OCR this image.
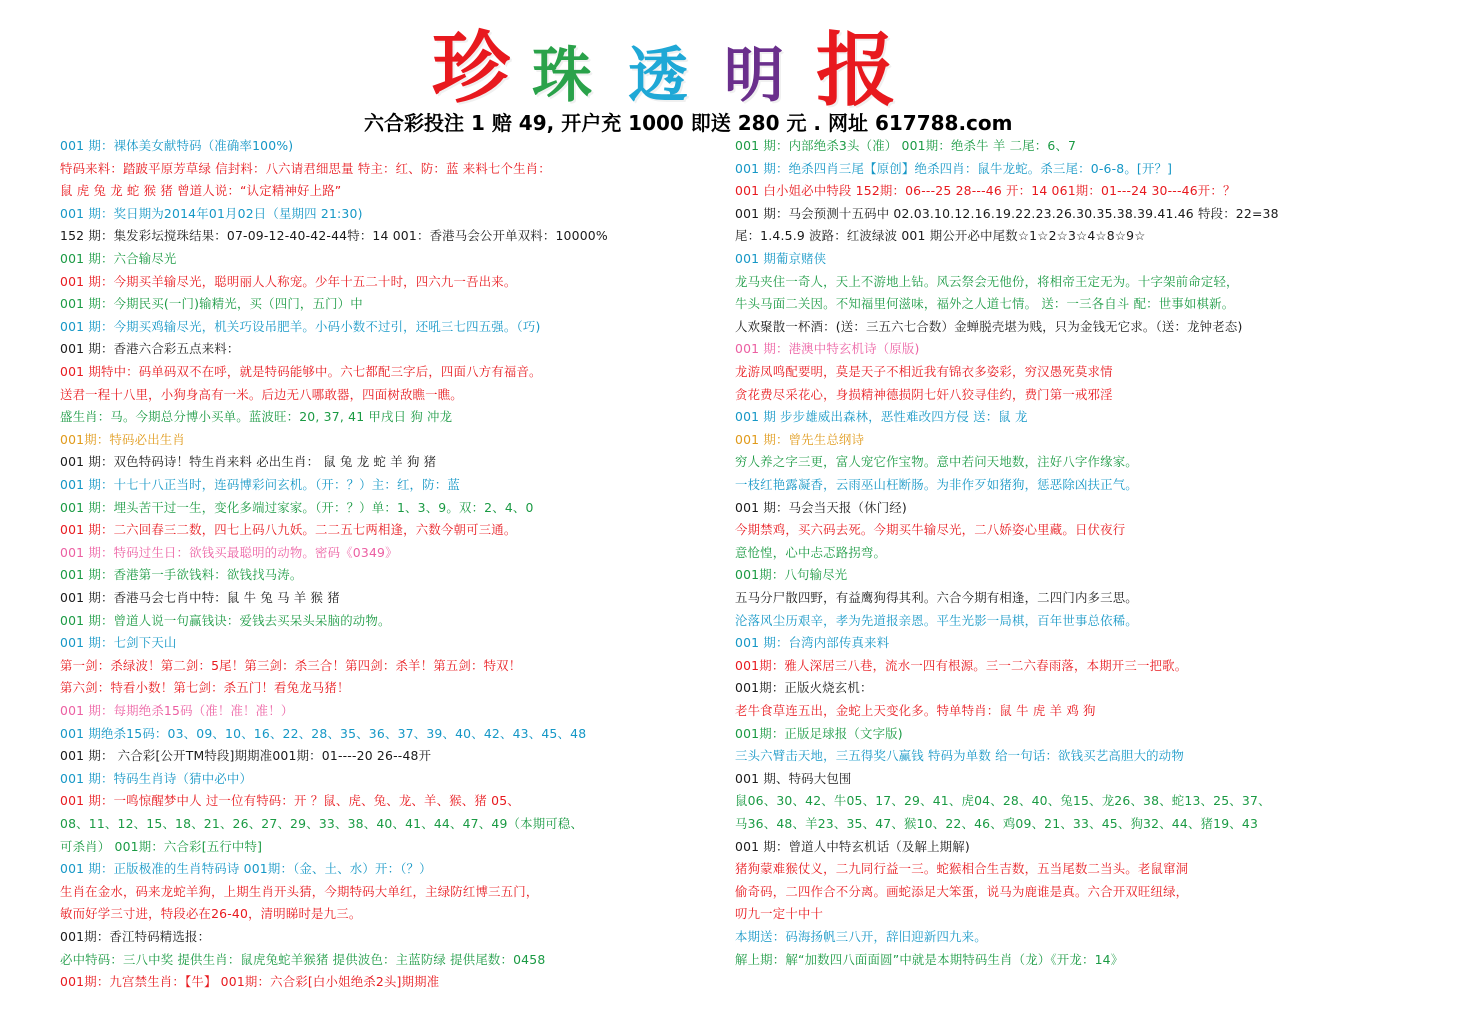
珍 珠 透 明 报
六合彩投注 1 赔 49, 开户充 1000 即送 280 元 . 网址 617788.com
001 期：裸体美女献特码（准确率100%)
特码来料：踏跛平原芳草绿 信封料：八六请君细思量 特主：红、防：蓝 来料七个生肖：
鼠 虎 兔 龙 蛇 猴 猪 曾道人说：“认定精神好上路”
001 期：奖日期为2014年01月02日（星期四 21:30)
152 期：集发彩坛搅珠结果：07-09-12-40-42-44特：14 001：香港马会公开单双料：10000%
001 期：六合输尽光
001 期：今期买羊输尽光，聪明丽人人称宠。少年十五二十时，四六九一吾出来。
001 期：今期民买(一门)输精光，买（四门，五门）中
001 期：今期买鸡输尽光，机关巧设吊肥羊。小码小数不过引，还吼三七四五强。（巧)
001 期：香港六合彩五点来料：
001 期特中：码单码双不在呼，就是特码能够中。六七都配三字后，四面八方有福音。
送君一程十八里，小狗身高有一米。后边无八哪敢器，四面树敌瞧一瞧。
盛生肖：马。今期总分博小买单。蓝波旺：20, 37, 41 甲戌日 狗 冲龙
001期：特码必出生肖
001 期：双色特码诗！特生肖来料 必出生肖： 鼠 兔 龙 蛇 羊 狗 猪
001 期：十七十八正当时，连码博彩问玄机。（开：？）主：红，防：蓝
001 期：埋头苦干过一生，变化多端过家家。（开：？）单：1、3、9。双：2、4、0
001 期：二六回春三二数，四七上码八九妖。二二五七两相逢，六数今朝可三通。
001 期：特码过生日：欲钱买最聪明的动物。密码《0349》
001 期：香港第一手欲钱料：欲钱找马涛。
001 期：香港马会七肖中特：鼠 牛 兔 马 羊 猴 猪
001 期：曾道人说一句赢钱诀：爱钱去买呆头呆脑的动物。
001 期：七剑下天山
第一剑：杀绿波！第二剑：5尾！第三剑：杀三合！第四剑：杀羊！第五剑：特双！
第六剑：特看小数！第七剑：杀五门！看兔龙马猪！
001 期：每期绝杀15码（准！准！准！）
001 期绝杀15码：03、09、10、16、22、28、35、36、37、39、40、42、43、45、48
001 期： 六合彩[公开TM特段]期期准001期：01----20 26--48开
001 期：特码生肖诗（猜中必中）
001 期：一鸣惊醒梦中人 过一位有特码：开 ？鼠、虎、兔、龙、羊、猴、猪 05、
08、11、12、15、18、21、26、27、29、33、38、40、41、44、47、49（本期可稳、
可杀肖） 001期：六合彩[五行中特]
001 期：正版极准的生肖特码诗 001期：（金、土、水）开：（？）
生肖在金水，码来龙蛇羊狗，上期生肖开头猜，今期特码大单红，主绿防红博三五门，
敏而好学三寸进，特段必在26-40，清明睇时是九三。
001期：香江特码精选报：
必中特码：三八中奖 提供生肖：鼠虎兔蛇羊猴猪 提供波色：主蓝防绿 提供尾数：0458
001期：九宫禁生肖：【牛】 001期：六合彩[白小姐绝杀2头]期期准
001 期：内部绝杀3头（准） 001期：绝杀牛 羊 二尾：6、7
001 期：绝杀四肖三尾【原创】绝杀四肖：鼠牛龙蛇。杀三尾：0-6-8。[开？]
001 白小姐必中特段 152期：06---25 28---46 开：14 061期：01---24 30---46开：？
001 期：马会预测十五码中 02.03.10.12.16.19.22.23.26.30.35.38.39.41.46 特段：22=38
尾：1.4.5.9 波路：红波绿波 001 期公开必中尾数☆1☆2☆3☆4☆8☆9☆
001 期葡京赌侠
龙马夹住一奇人，天上不游地上钻。风云祭会无他份，将相帝王定无为。十字架前命定轻，
牛头马面二关因。不知福里何滋味，福外之人道七情。 送：一三各自斗 配：世事如棋新。
人欢聚散一杯酒：(送：三五六七合数）金蝉脱壳堪为贱，只为金钱无它求。（送：龙钟老态)
001 期：港澳中特玄机诗（原版)
龙游凤鸣配要明，莫是天子不相近我有锦衣多姿彩，穷汉愚死莫求情
贪花费尽采花心，身损精神德损阴七奸八狡寻佳约，费门第一戒邪淫
001 期 步步雄威出森林，恶性难改四方侵 送：鼠 龙
001 期：曾先生总纲诗
穷人养之字三更，富人宠它作宝物。意中若问天地数，注好八字作缘家。
一枝红艳露凝香，云雨巫山枉断肠。为非作歹如猪狗，惩恶除凶扶正气。
001 期：马会当天报（休门经)
今期禁鸡，买六码去死。今期买牛输尽光，二八娇姿心里藏。日伏夜行
意怆惶，心中忐忑路拐弯。
001期：八句输尽光
五马分尸散四野，有益鹰狗得其利。六合今期有相逢，二四门内多三思。
沦落风尘历艰辛，孝为先道报亲恩。平生光影一局棋，百年世事总依稀。
001 期：台湾内部传真来料
001期：雅人深居三八巷，流水一四有根源。三一二六春雨落，本期开三一把歌。
001期：正版火烧玄机：
老牛食草连五出，金蛇上天变化多。特单特肖：鼠 牛 虎 羊 鸡 狗
001期：正版足球报（文字版)
三头六臂击天地，三五得奖八赢钱 特码为单数 给一句话：欲钱买艺高胆大的动物
001 期、特码大包围
鼠06、30、42、牛05、17、29、41、虎04、28、40、兔15、龙26、38、蛇13、25、37、
马36、48、羊23、35、47、猴10、22、46、鸡09、21、33、45、狗32、44、猪19、43
001 期：曾道人中特玄机话（及解上期解)
猪狗蒙难猴仗义，二九同行益一三。蛇猴相合生吉数，五当尾数二当头。老鼠窜洞
偷奇码，二四作合不分离。画蛇添足大笨蛋，说马为鹿谁是真。六合开双旺纽绿，
叨九一定十中十
本期送：码海扬帆三八开，辞旧迎新四九来。
解上期：解“加数四八面面圆”中就是本期特码生肖（龙）《开龙：14》
